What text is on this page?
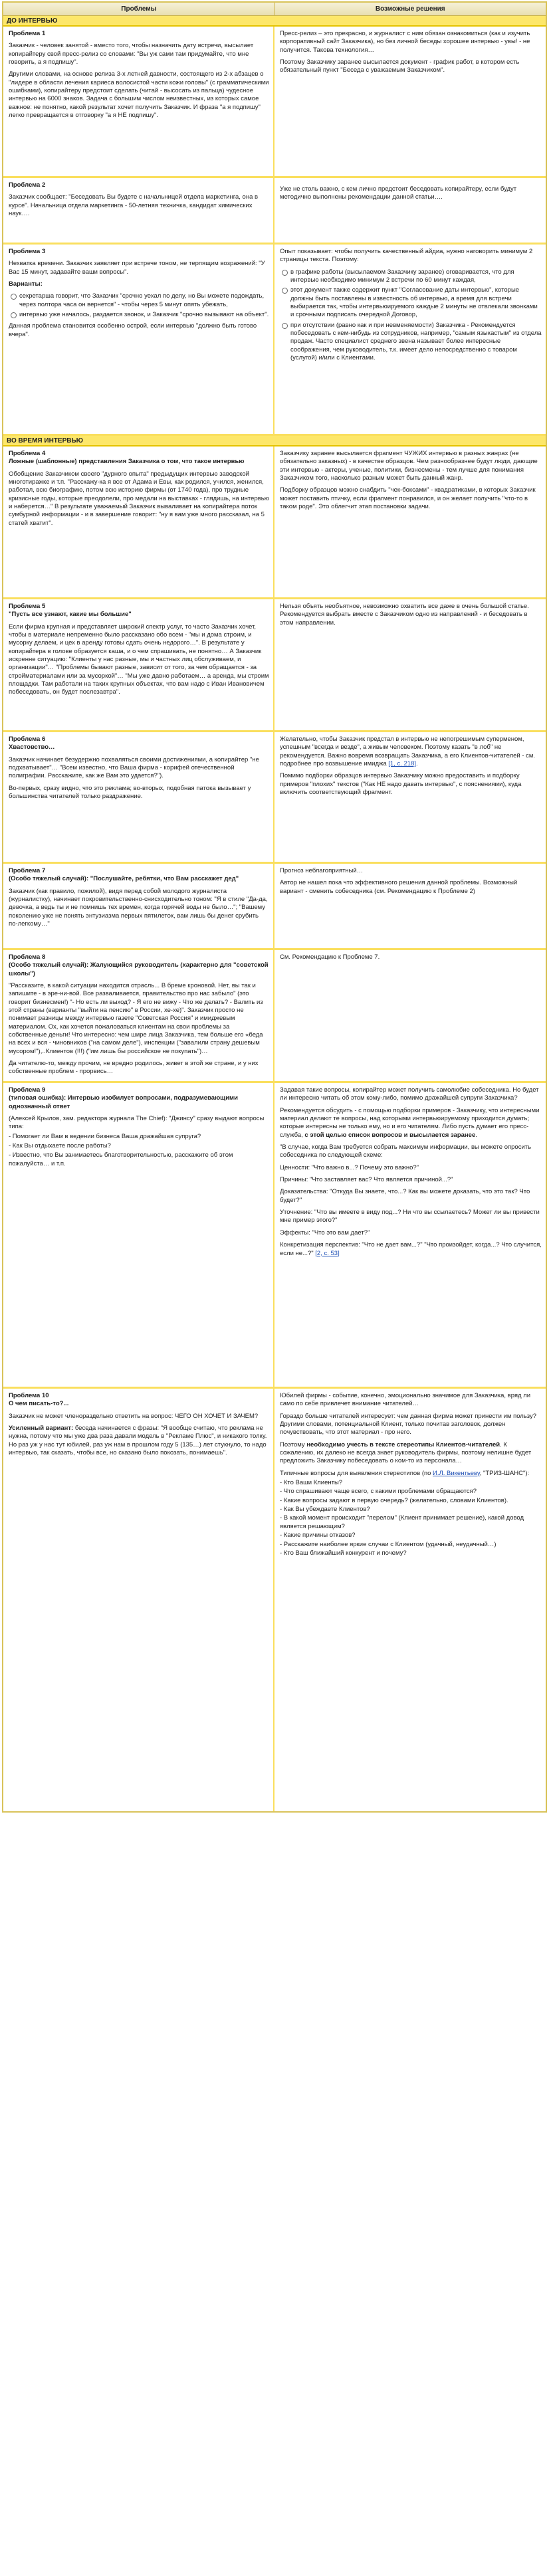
Проблемы	Возможные решения
ДО ИНТЕРВЬЮ

Проблема 1

Заказчик - человек занятой - вместо того, чтобы назначить дату встречи, высылает копирайтеру свой пресс-релиз со словами: "Вы уж сами там придумайте, что мне говорить, а я подпишу".

Другими словами, на основе релиза 3-х летней давности, состоящего из 2-х абзацев о "лидере в области лечения кариеса волосистой части кожи головы" (с грамматическими ошибками), копирайтеру предстоит сделать (читай - высосать из пальца) чудесное интервью на 6000 знаков. Задача с большим числом неизвестных, из которых самое важное: не понятно, какой результат хочет получить Заказчик. И фраза "а я подпишу" легко превращается в отговорку "а я НЕ подпишу".

Пресс-релиз – это прекрасно, и журналист с ним обязан ознакомиться (как и изучить корпоративный сайт Заказчика), но без личной беседы хорошее интервью - увы! - не получится. Такова технология…

Поэтому Заказчику заранее высылается документ - график работ, в котором есть обязательный пункт "Беседа с уважаемым Заказчиком".

Проблема 2

Заказчик сообщает: "Беседовать Вы будете с начальницей отдела маркетинга, она в курсе". Начальница отдела маркетинга - 50-летняя техничка, кандидат химических наук….

Уже не столь важно, с кем лично предстоит беседовать копирайтеру, если будут методично выполнены рекомендации данной статьи….

Проблема 3

Нехватка времени. Заказчик заявляет при встрече тоном, не терпящим возражений: "У Вас 15 минут, задавайте ваши вопросы".

Варианты:

секретарша говорит, что Заказчик "срочно уехал по делу, но Вы можете подождать, через полтора часа он вернется" - чтобы через 5 минут опять убежать,
интервью уже началось, раздается звонок, и Заказчик "срочно вызывают на объект".

Данная проблема становится особенно острой, если интервью "должно быть готово вчера".

Опыт показывает: чтобы получить качественный айдиа, нужно наговорить минимум 2 страницы текста. Поэтому:

в графике работы (высылаемом Заказчику заранее) оговаривается, что для интервью необходимо минимум 2 встречи по 60 минут каждая,
этот документ также содержит пункт "Согласование даты интервью", которые должны быть поставлены в известность об интервью, а время для встречи выбирается так, чтобы интервьюируемого каждые 2 минуты не отвлекали звонками и срочными подписать очередной Договор,
при отсутствии (равно как и при невменяемости) Заказчика - Рекомендуется побеседовать с кем-нибудь из сотрудников, например, "самым языкастым" из отдела продаж. Часто специалист среднего звена называет более интересные соображения, чем руководитель, т.к. имеет дело непосредственно с товаром (услугой) и/или с Клиентами.
ВО ВРЕМЯ ИНТЕРВЬЮ

Проблема 4
Ложные (шаблонные) представления Заказчика о том, что такое интервью

Обобщение Заказчиком своего "дурного опыта" предыдущих интервью заводской многотиражке и т.п. "Расскажу-ка я все от Адама и Евы, как родился, учился, женился, работал, всю биографию, потом всю историю фирмы (от 1740 года), про трудные кризисные годы, которые преодолели, про медали на выставках - глядишь, на интервью и наберется…" В результате уважаемый Заказчик вываливает на копирайтера поток сумбурной информации - и в завершение говорит: "ну я вам уже много рассказал, на 5 статей хватит".

Заказчику заранее высылается фрагмент ЧУЖИХ интервью в разных жанрах (не обязательно заказных) - в качестве образцов. Чем разнообразнее будут люди, дающие эти интервью - актеры, ученые, политики, бизнесмены - тем лучше для понимания Заказчиком того, насколько разным может быть данный жанр.

Подборку образцов можно снабдить "чек-боксами" - квадратиками, в которых Заказчик может поставить птичку, если фрагмент понравился, и он желает получить "что-то в таком роде". Это облегчит этап постановки задачи.

Проблема 5
"Пусть все узнают, какие мы большие"

Если фирма крупная и представляет широкий спектр услуг, то часто Заказчик хочет, чтобы в материале непременно было рассказано обо всем - "мы и дома строим, и мусорку делаем, и цех в аренду готовы сдать очень недорого…". В результате у копирайтера в голове образуется каша, и о чем спрашивать, не понятно… А Заказчик искренне ситуацию: "Клиенты у нас разные, мы и частных лиц обслуживаем, и организации"… "Проблемы бывают разные, зависит от того, за чем обращается - за стройматериалами или за мусоркой"… "Мы уже давно работаем… a аренда, мы строим площадки. Там работали на таких крупных объектах, что вам надо с Иван Ивановичем побеседовать, он будет послезавтра".

Нельзя объять необъятное, невозможно охватить все даже в очень большой статье. Рекомендуется выбрать вместе с Заказчиком одно из направлений - и беседовать в этом направлении.

Проблема 6
Хвастовство…

Заказчик начинает безудержно похваляться своими достижениями, а копирайтер "не подхватывает"… "Всем известно, что Ваша фирма - корифей отечественной полиграфии. Расскажите, как же Вам это удается?").

Во-первых, сразу видно, что это реклама; во-вторых, подобная патока вызывает у большинства читателей только раздражение.

Желательно, чтобы Заказчик предстал в интервью не непогрешимым суперменом, успешным "всегда и везде", а живым человеком. Поэтому казать "в лоб" не рекомендуется. Важно вовремя возвращать Заказчика, а его Клиентов-читателей - см. подробнее про возвышение имиджа [1, с. 218].

Помимо подборки образцов интервью Заказчику можно предоставить и подборку примеров "плохих" текстов ("Как НЕ надо давать интервью", с пояснениями), куда включить соответствующий фрагмент.

Проблема 7
(Особо тяжелый случай): "Послушайте, ребятки, что Вам расскажет дед"

Заказчик (как правило, пожилой), видя перед собой молодого журналиста (журналистку), начинает покровительственно-снисходительно тоном: "Я в стиле "Да-да, девочка, а ведь ты и не помнишь тех времен, когда горячей воды не было…"; "Вашему поколению уже не понять энтузиазма первых пятилеток, вам лишь бы денег срубить по-легкому…"

Прогноз неблагоприятный…

Автор не нашел пока что эффективного решения данной проблемы. Возможный вариант - сменить собеседника (см. Рекомендацию к Проблеме 2)

Проблема 8
(Особо тяжелый случай): Жалующийся руководитель (характерно для "советской школы")

"Рассказите, в какой ситуации находится отрасль... В бреме кроновой. Нет, вы так и запишите - в эре-ни-вой. Все разваливается, правительство про нас забыло" (это говорит бизнесмен!) "- Но есть ли выход? - Я его не вижу - Что же делать? - Валить из этой страны (варианты "выйти на пенсию" в России, хе-хе)". Заказчик просто не понимает разницы между интервью газете "Советская Россия" и имиджевым материалом. Ох, как хочется пожаловаться клиентам на свои проблемы за собственные деньги! Что интересно: чем шире лица Заказчика, тем больше его «беда на всех и вся - чиновников ("на самом деле"), инспекции ("завалили страну дешевым мусором!"),..Клиентов (!!!) ("им лишь бы российское не покупать")…

Да читателю-то, между прочим, не вредно родилось, живет в этой же стране, и у них собственные проблем - прорвись…

См. Рекомендацию к Проблеме 7.

Проблема 9
(типовая ошибка): Интервью изобилует вопросами, подразумевающими однозначный ответ

(Алексей Крылов, зам. редактора журнала The Chief): "Джинсу" сразу выдают вопросы типа:

- Помогает ли Вам в ведении бизнеса Ваша дражайшая супруга?

- Как Вы отдыхаете после работы?

- Известно, что Вы занимаетесь благотворительностью, расскажите об этом пожалуйста… и т.п.

Задавая такие вопросы, копирайтер может получить самолюбие собеседника. Но будет ли интересно читать об этом кому-либо, помимо дражайшей супруги Заказчика?

Рекомендуется обсудить - с помощью подборки примеров - Заказчику, что интересными материал делают те вопросы, над которыми интервьюируемому приходится думать; которые интересны не только ему, но и его читателям. Либо пусть думает его пресс-служба, с этой целью список вопросов и высылается заранее.

"В случае, когда Вам требуется собрать максимум информации, вы можете опросить собеседника по следующей схеме:

Ценности: "Что важно в...? Почему это важно?"

Причины: "Что заставляет вас? Что является причиной...?"

Доказательства: "Откуда Вы знаете, что...? Как вы можете доказать, что это так? Что будет?"

Уточнение: "Что вы имеете в виду под...? Ни что вы ссылаетесь? Может ли вы привести мне пример этого?"

Эффекты: "Что это вам дает?"

Конкретизация перспектив: "Что не дает вам...?" "Что произойдет, когда...? Что случится, если не...?" [2, с. 53]

Проблема 10
О чем писать-то?...

Заказчик не может членораздельно ответить на вопрос: ЧЕГО ОН ХОЧЕТ И ЗАЧЕМ?

Усиленный вариант: беседа начинается с фразы: "Я вообще считаю, что реклама не нужна, потому что мы уже два раза давали модель в "Рекламе Плюс", и никакого толку. Но раз уж у нас тут юбилей, раз уж нам в прошлом году 5 (135…) лет стукнуло, то надо интервью, так сказать, чтобы все, но сказано было покозать, понимаешь".

Юбилей фирмы - событие, конечно, эмоционально значимое для Заказчика, вряд ли само по себе привлечет внимание читателей…

Гораздо больше читателей интересует: чем данная фирма может принести им пользу? Другими словами, потенциальной Клиент, только почитав заголовок, должен почувствовать, что этот материал - про него.

Поэтому необходимо учесть в тексте стереотипы Клиентов-читателей. К сожалению, их далеко не всегда знает руководитель фирмы, поэтому нелишне будет предложить Заказчику побеседовать о ком-то из персонала…

Типичные вопросы для выявления стереотипов (по И.Л. Викентьеву, "ТРИЗ-ШАНС"):

- Кто Ваши Клиенты?

- Что спрашивают чаще всего, с какими проблемами обращаются?

- Какие вопросы задают в первую очередь? (желательно, словами Клиентов).

- Как Вы убеждаете Клиентов?

- В какой момент происходит "перелом" (Клиент принимает решение), какой довод является решающим?

- Какие причины отказов?

- Расскажите наиболее яркие случаи с Клиентом (удачный, неудачный…)

- Кто Ваш ближайший конкурент и почему?
